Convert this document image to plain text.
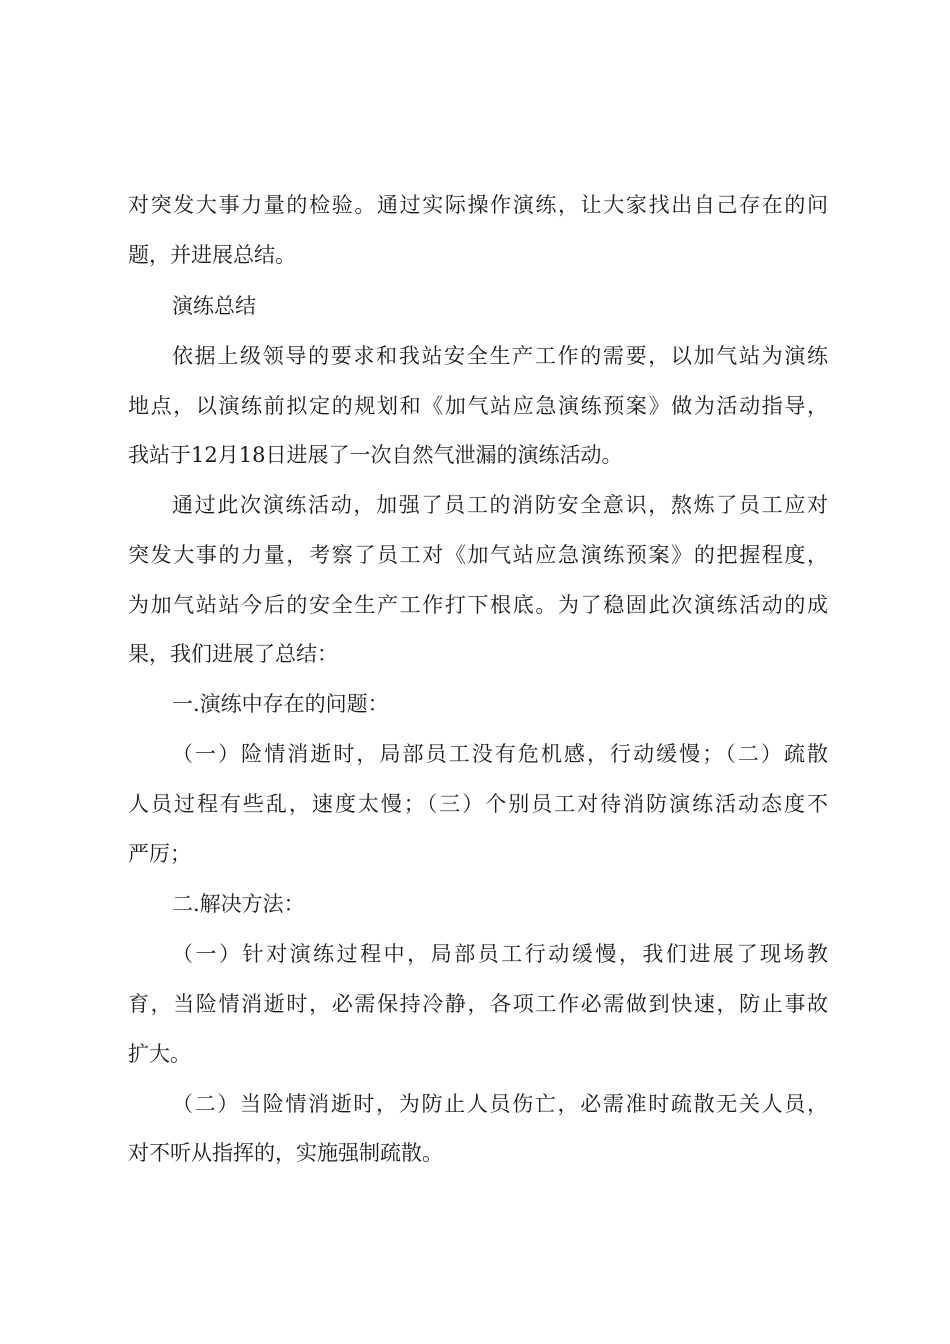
对突发大事力量的检验。通过实际操作演练，让大家找出自己存在的问
题，并进展总结。
演练总结
依据上级领导的要求和我站安全生产工作的需要，以加气站为演练
地点，以演练前拟定的规划和《加气站应急演练预案》做为活动指导，
我站于12月18日进展了一次自然气泄漏的演练活动。
通过此次演练活动，加强了员工的消防安全意识，熬炼了员工应对
突发大事的力量，考察了员工对《加气站应急演练预案》的把握程度，
为加气站站今后的安全生产工作打下根底。为了稳固此次演练活动的成
果，我们进展了总结：
一.演练中存在的问题：
（一）险情消逝时，局部员工没有危机感，行动缓慢；（二）疏散
人员过程有些乱，速度太慢；（三）个别员工对待消防演练活动态度不
严厉；
二.解决方法：
（一）针对演练过程中，局部员工行动缓慢，我们进展了现场教
育，当险情消逝时，必需保持冷静，各项工作必需做到快速，防止事故
扩大。
（二）当险情消逝时，为防止人员伤亡，必需准时疏散无关人员，
对不听从指挥的，实施强制疏散。
